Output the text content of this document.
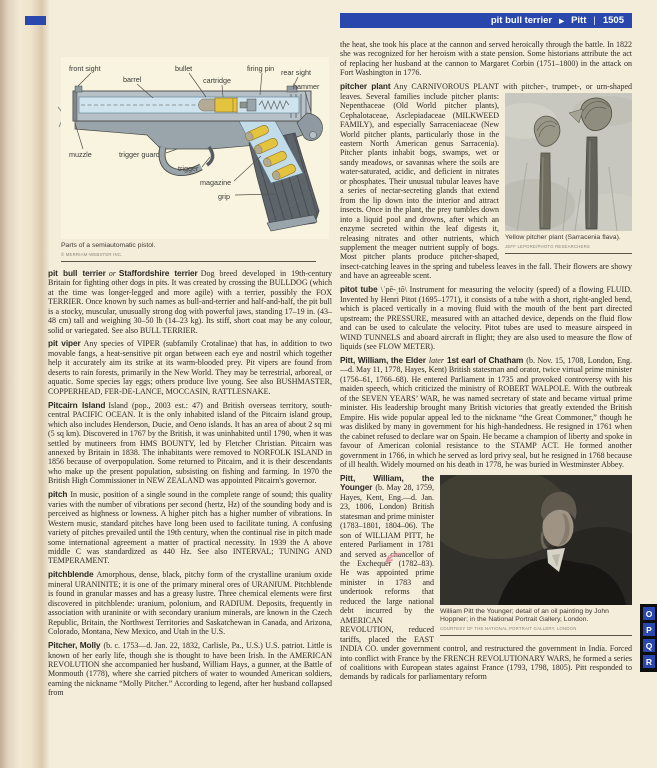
pit bull terrier ▶ Pitt | 1505
front sight
barrel
bullet
cartridge
firing pin rear sight
hammer
muzzle	trigger guard
trigger
magazine
grip
Parts of a semiautomatic pistol.
© MERRIAM-WEBSTER INC.

pit bull terrier or Staffordshire terrier Dog breed developed in 19th-century Britain for fighting other dogs in pits. It was created by crossing the BULLDOG (which at the time was longer-legged and more agile) with a terrier, possibly the FOX TERRIER. Once known by such names as bull-and-terrier and half-and-half, the pit bull is a stocky, muscular, unusually strong dog with powerful jaws, standing 17–19 in. (43–48 cm) tall and weighing 30–50 lb (14–23 kg). Its stiff, short coat may be any colour, solid or variegated. See also BULL TERRIER.

pit viper Any species of VIPER (subfamily Crotalinae) that has, in addition to two movable fangs, a heat-sensitive pit organ between each eye and nostril which together help it accurately aim its strike at its warm-blooded prey. Pit vipers are found from deserts to rain forests, primarily in the New World. They may be terrestrial, arboreal, or aquatic. Some species lay eggs; others produce live young. See also BUSHMASTER, COPPERHEAD, FER-DE-LANCE, MOCCASIN, RATTLESNAKE.

Pitcairn Island Island (pop., 2003 est.: 47) and British overseas territory, south-central PACIFIC OCEAN. It is the only inhabited island of the Pitcairn island group, which also includes Henderson, Ducie, and Oeno islands. It has an area of about 2 sq mi (5 sq km). Discovered in 1767 by the British, it was uninhabited until 1790, when it was settled by mutineers from HMS BOUNTY, led by Fletcher Christian. Pitcairn was annexed by Britain in 1838. The inhabitants were removed to NORFOLK ISLAND in 1856 because of overpopulation. Some returned to Pitcairn, and it is their descendants who make up the present population, subsisting on fishing and farming. In 1970 the British High Commissioner in NEW ZEALAND was appointed Pitcairn's governor.

pitch In music, position of a single sound in the complete range of sound; this quality varies with the number of vibrations per second (hertz, Hz) of the sounding body and is perceived as highness or lowness. A higher pitch has a higher number of vibrations. In Western music, standard pitches have long been used to facilitate tuning. A confusing variety of pitches prevailed until the 19th century, when the continual rise in pitch made some international agreement a matter of practical necessity. In 1939 the A above middle C was standardized as 440 Hz. See also INTERVAL; TUNING AND TEMPERAMENT.

pitchblende Amorphous, dense, black, pitchy form of the crystalline uranium oxide mineral URANINITE; it is one of the primary mineral ores of URANIUM. Pitchblende is found in granular masses and has a greasy lustre. Three chemical elements were first discovered in pitchblende: uranium, polonium, and RADIUM. Deposits, frequently in association with uraninite or with secondary uranium minerals, are known in the Czech Republic, Britain, the Northwest Territories and Saskatchewan in Canada, and Arizona, Colorado, Montana, New Mexico, and Utah in the U.S.

Pitcher, Molly (b. c. 1753—d. Jan. 22, 1832, Carlisle, Pa., U.S.) U.S. patriot. Little is known of her early life, though she is thought to have been Irish. In the AMERICAN REVOLUTION she accompanied her husband, William Hays, a gunner, at the Battle of Monmouth (1778), where she carried pitchers of water to wounded American soldiers, earning the nickname “Molly Pitcher.” According to legend, after her husband collapsed from

the heat, she took his place at the cannon and served heroically through the battle. In 1822 she was recognized for her heroism with a state pension. Some historians attribute the act of replacing her husband at the cannon to Margaret Corbin (1751–1800) in the attack on Fort Washington in 1776.

pitcher plant Any CARNIVOROUS PLANT with pitcher-, trumpet-, or urn-
Yellow pitcher plant (Sarracenia flava).
JEFF LEPORE/PHOTO RESEARCHERS
shaped leaves. Several families include pitcher plants: Nepenthaceae (Old World pitcher plants), Cephalotaceae, Asclepiadaceae (MILKWEED FAMILY), and especially Sarraceniaceae (New World pitcher plants, particularly those in the eastern North American genus Sarracenia). Pitcher plants inhabit bogs, swamps, wet or sandy meadows, or savannas where the soils are water-saturated, acidic, and deficient in nitrates or phosphates. Their unusual tubular leaves have a series of nectar-secreting glands that extend from the lip down into the interior and attract insects. Once in the plant, the prey tumbles down into a liquid pool and drowns, after which an enzyme secreted within the leaf digests it, releasing nitrates and other nutrients, which supplement the meager nutrient supply of bogs. Most pitcher plants produce pitcher-shaped, insect-catching leaves in the spring and tubeless leaves in the fall. Their flowers are showy and have an agreeable scent.

pitot tube \ˈpē-ˌtō\ Instrument for measuring the velocity (speed) of a flowing FLUID. Invented by Henri Pitot (1695–1771), it consists of a tube with a short, right-angled bend, which is placed vertically in a moving fluid with the mouth of the bent part directed upstream; the PRESSURE, measured with an attached device, depends on the fluid flow and can be used to calculate the velocity. Pitot tubes are used to measure airspeed in WIND TUNNELS and aboard aircraft in flight; they are also used to measure the flow of liquids (see FLOW METER).

Pitt, William, the Elder later 1st earl of Chatham (b. Nov. 15, 1708, London, Eng.—d. May 11, 1778, Hayes, Kent) British statesman and orator, twice virtual prime minister (1756–61, 1766–68). He entered Parliament in 1735 and provoked controversy with his maiden speech, which criticized the ministry of ROBERT WALPOLE. With the outbreak of the SEVEN YEARS’ WAR, he was named secretary of state and became virtual prime minister. His leadership brought many British victories that greatly extended the British Empire. His wide popular appeal led to the nickname “the Great Commoner,” though he was disliked by many in government for his high-handedness. He resigned in 1761 when the cabinet refused to declare war on Spain. He became a champion of liberty and spoke in favour of American colonial resistance to the STAMP ACT. He formed another government in 1766, in which he served as lord privy seal, but he resigned in 1768 because of ill health. Widely mourned on his death in 1778, he was buried in Westminster Abbey.

William Pitt the Younger; detail of an oil painting by John Hoppner; in the National Portrait Gallery, London.
COURTESY OF THE NATIONAL PORTRAIT GALLERY, LONDON

Pitt, William, the Younger (b. May 28, 1759, Hayes, Kent, Eng.—d. Jan. 23, 1806, London) British statesman and prime minister (1783–1801, 1804–06). The son of WILLIAM PITT, he entered Parliament in 1781 and served as chancellor of the Exchequer (1782–83). He was appointed prime minister in 1783 and undertook reforms that reduced the large national debt incurred by the AMERICAN REVOLUTION, reduced tariffs, placed the EAST INDIA CO. under government control, and restructured the government in India. Forced into conflict with France by the FRENCH REVOLUTIONARY WARS, he formed a series of coalitions with European states against France (1793, 1798, 1805). Pitt responded to demands by radicals for parliamentary reform

O
P
Q
R
